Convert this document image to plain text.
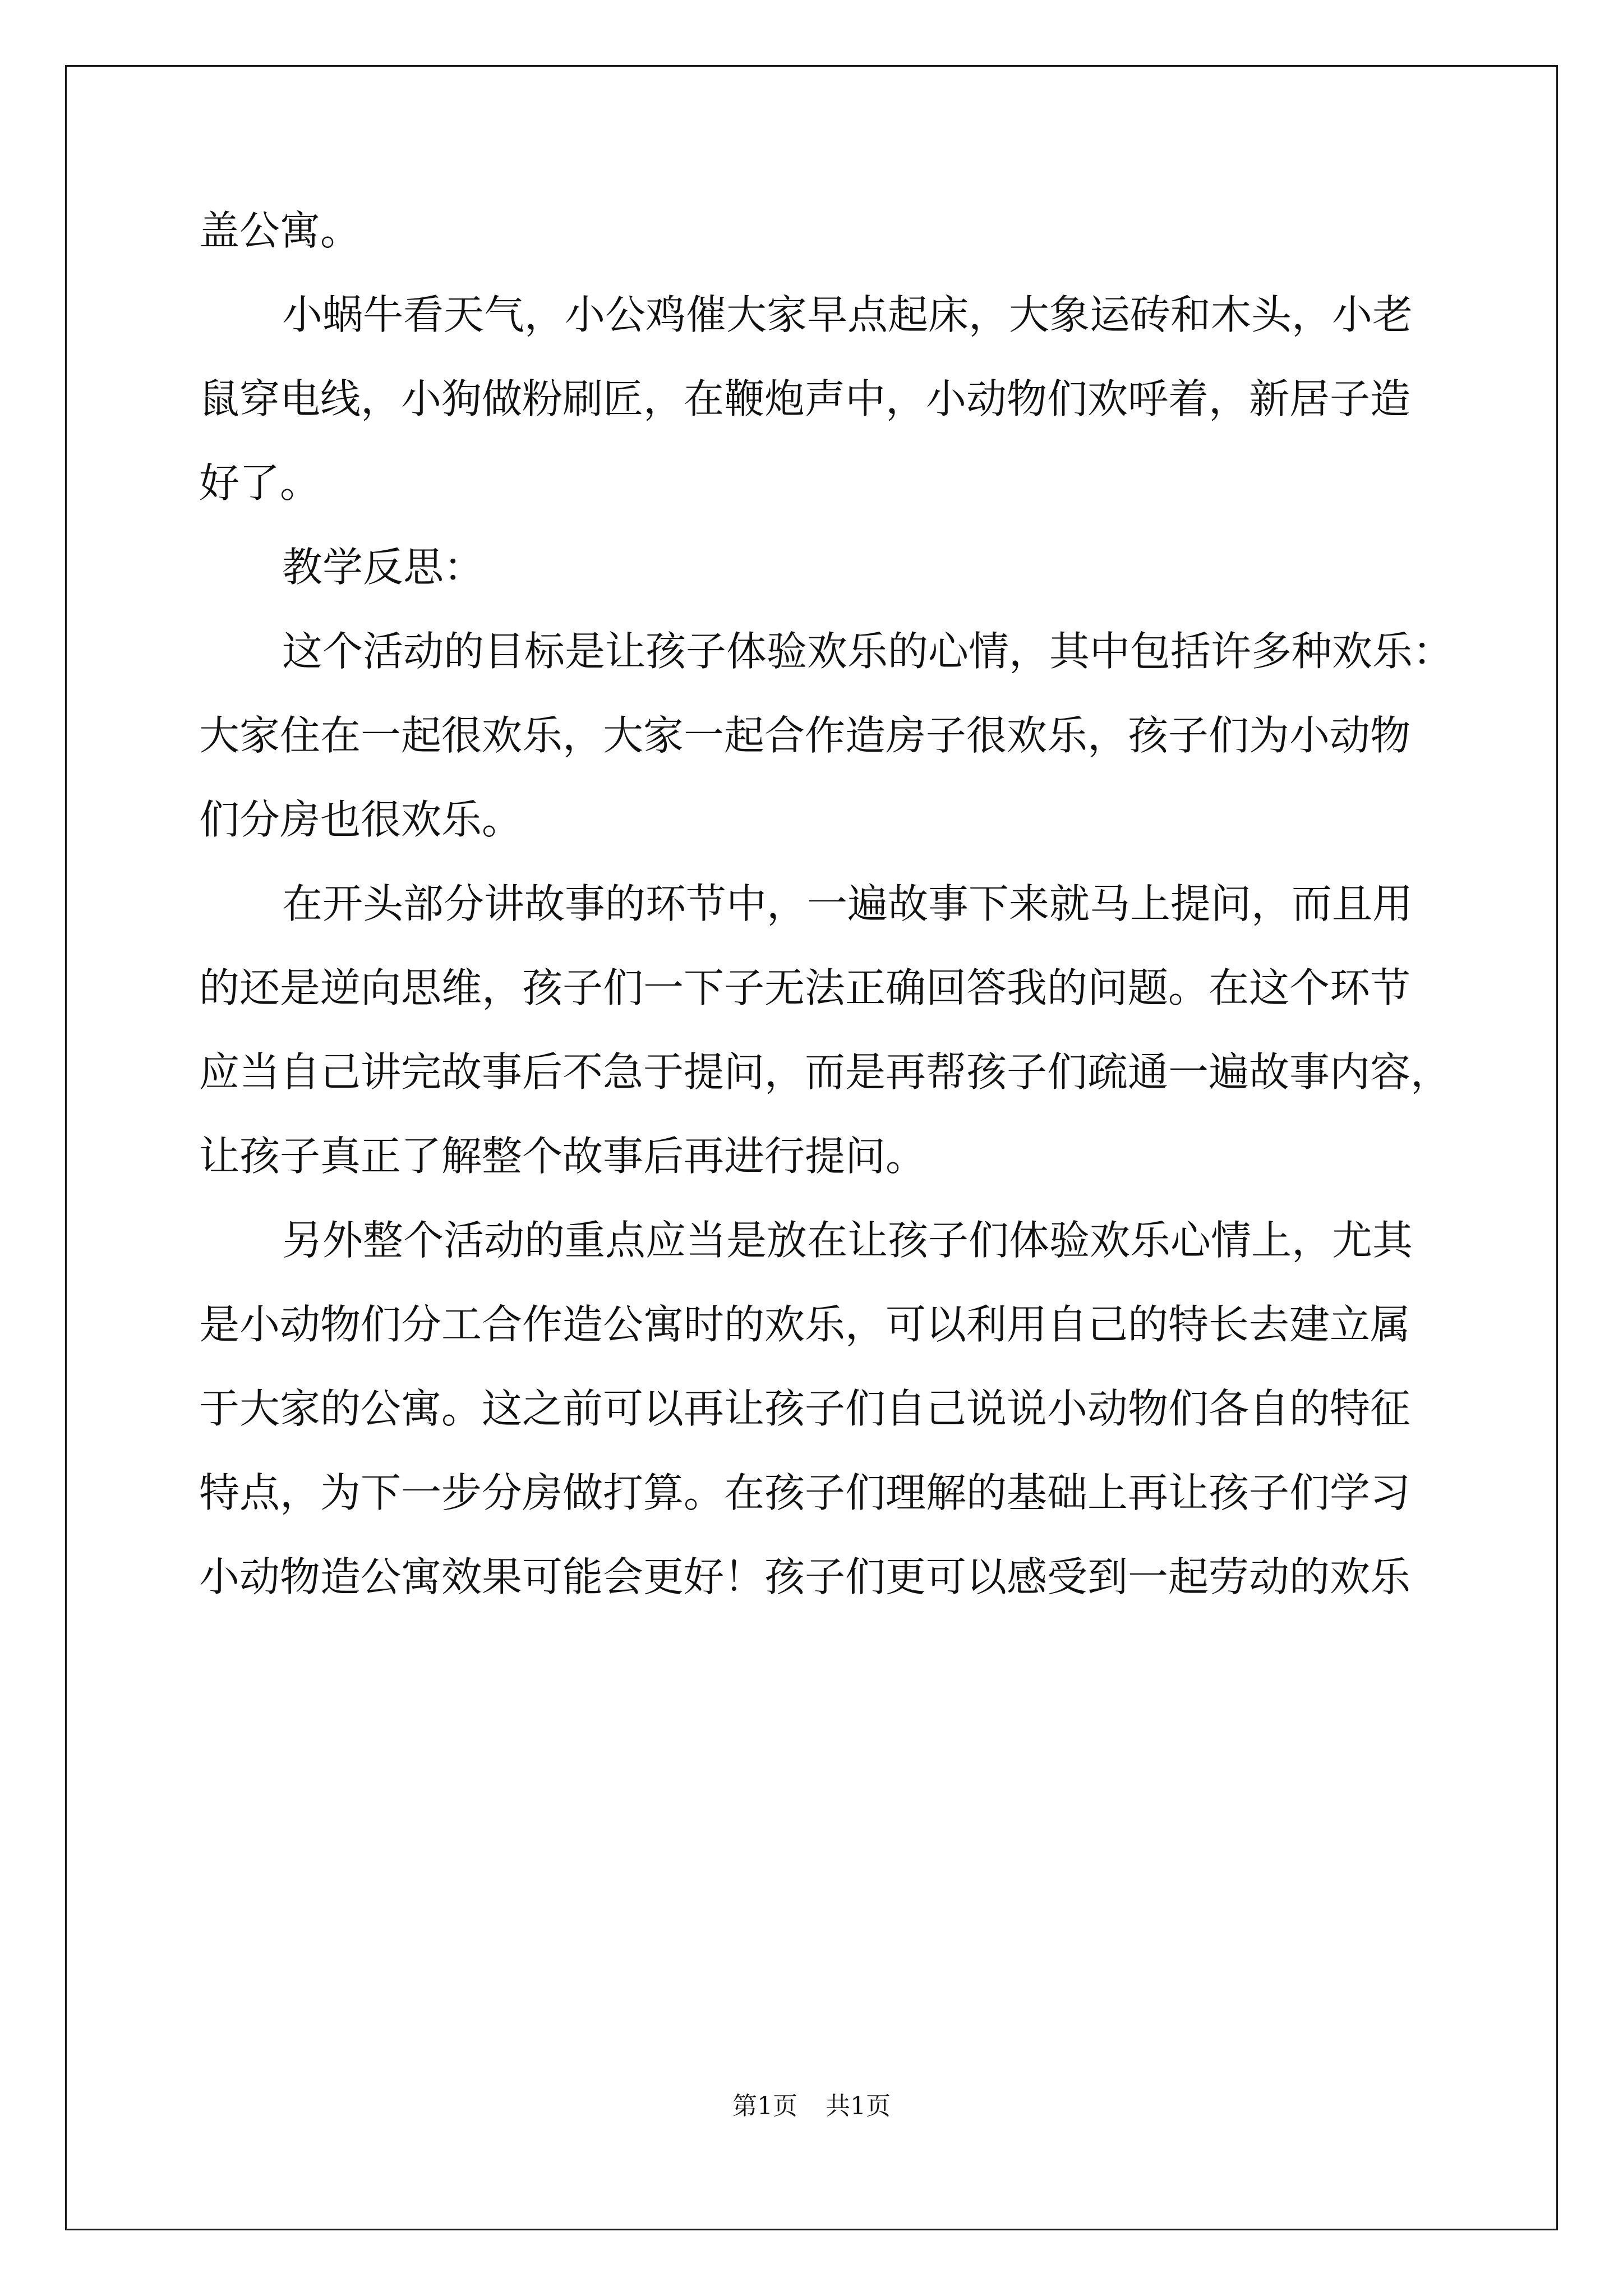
盖公寓。

小蜗牛看天气，小公鸡催大家早点起床，大象运砖和木头，小老

鼠穿电线，小狗做粉刷匠，在鞭炮声中，小动物们欢呼着，新居子造

好了。

教学反思：

这个活动的目标是让孩子体验欢乐的心情，其中包括许多种欢乐：

大家住在一起很欢乐，大家一起合作造房子很欢乐，孩子们为小动物

们分房也很欢乐。

在开头部分讲故事的环节中，一遍故事下来就马上提问，而且用

的还是逆向思维，孩子们一下子无法正确回答我的问题。在这个环节

应当自己讲完故事后不急于提问，而是再帮孩子们疏通一遍故事内容，

让孩子真正了解整个故事后再进行提问。

另外整个活动的重点应当是放在让孩子们体验欢乐心情上，尤其

是小动物们分工合作造公寓时的欢乐，可以利用自己的特长去建立属

于大家的公寓。这之前可以再让孩子们自己说说小动物们各自的特征

特点，为下一步分房做打算。在孩子们理解的基础上再让孩子们学习

小动物造公寓效果可能会更好！孩子们更可以感受到一起劳动的欢乐

第1页 共1页
